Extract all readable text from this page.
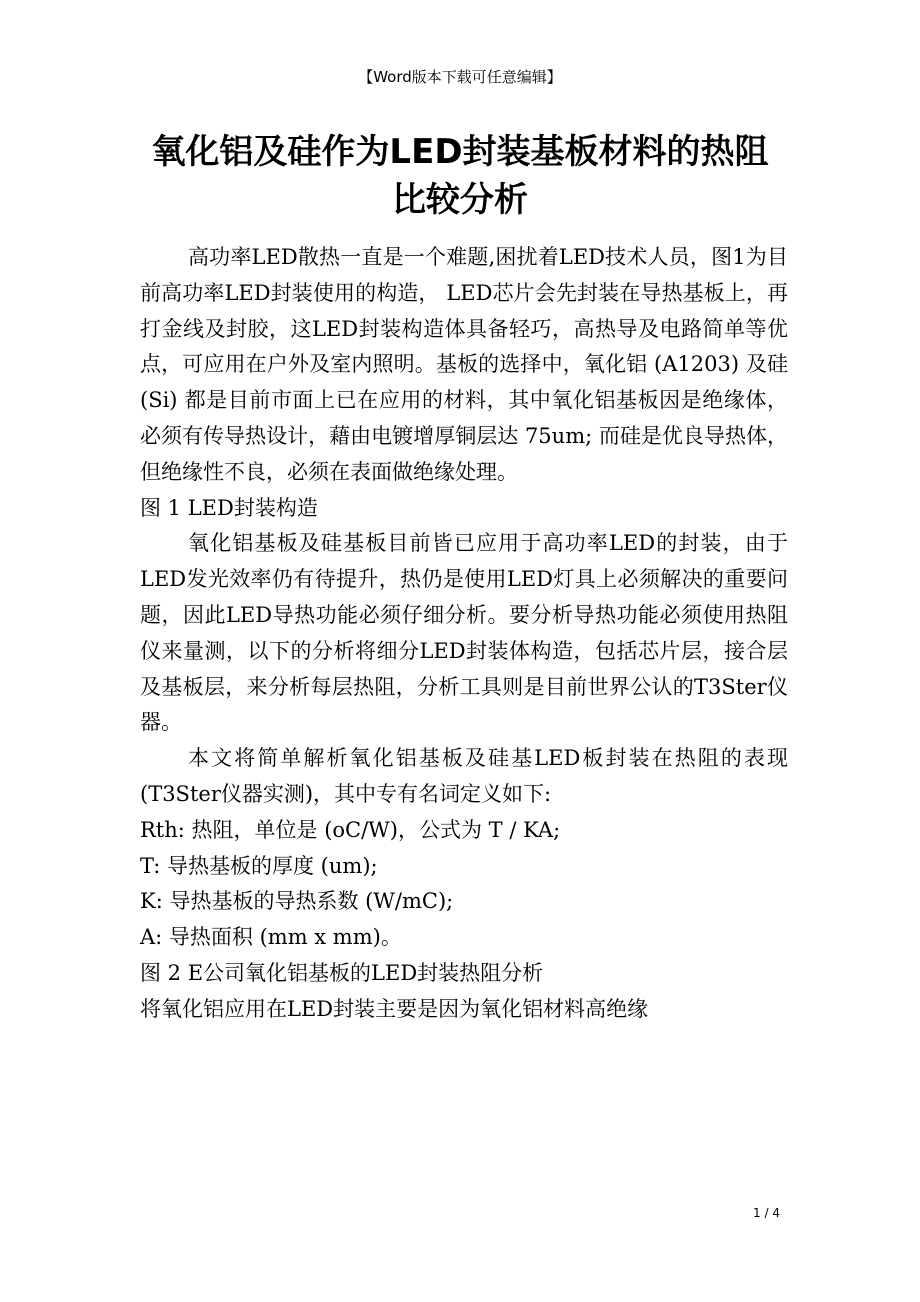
【Word版本下载可任意编辑】
氧化铝及硅作为LED封装基板材料的热阻
比较分析

高功率LED散热一直是一个难题,困扰着LED技术人员，图1为目前高功率LED封装使用的构造， LED芯片会先封装在导热基板上，再打金线及封胶，这LED封装构造体具备轻巧，高热导及电路简单等优点，可应用在户外及室内照明。基板的选择中，氧化铝 (A1203) 及硅 (Si) 都是目前市面上已在应用的材料，其中氧化铝基板因是绝缘体，必须有传导热设计，藉由电镀增厚铜层达 75um; 而硅是优良导热体，但绝缘性不良，必须在表面做绝缘处理。

图 1 LED封装构造

氧化铝基板及硅基板目前皆已应用于高功率LED的封装，由于LED发光效率仍有待提升，热仍是使用LED灯具上必须解决的重要问题，因此LED导热功能必须仔细分析。要分析导热功能必须使用热阻仪来量测，以下的分析将细分LED封装体构造，包括芯片层，接合层及基板层，来分析每层热阻，分析工具则是目前世界公认的T3Ster仪器。

本文将简单解析氧化铝基板及硅基LED板封装在热阻的表现 (T3Ster仪器实测)，其中专有名词定义如下:

Rth: 热阻，单位是 (oC/W)，公式为 T / KA;

T: 导热基板的厚度 (um);

K: 导热基板的导热系数 (W/mC);

A: 导热面积 (mm x mm)。

图 2 E公司氧化铝基板的LED封装热阻分析

将氧化铝应用在LED封装主要是因为氧化铝材料高绝缘

1 / 4
